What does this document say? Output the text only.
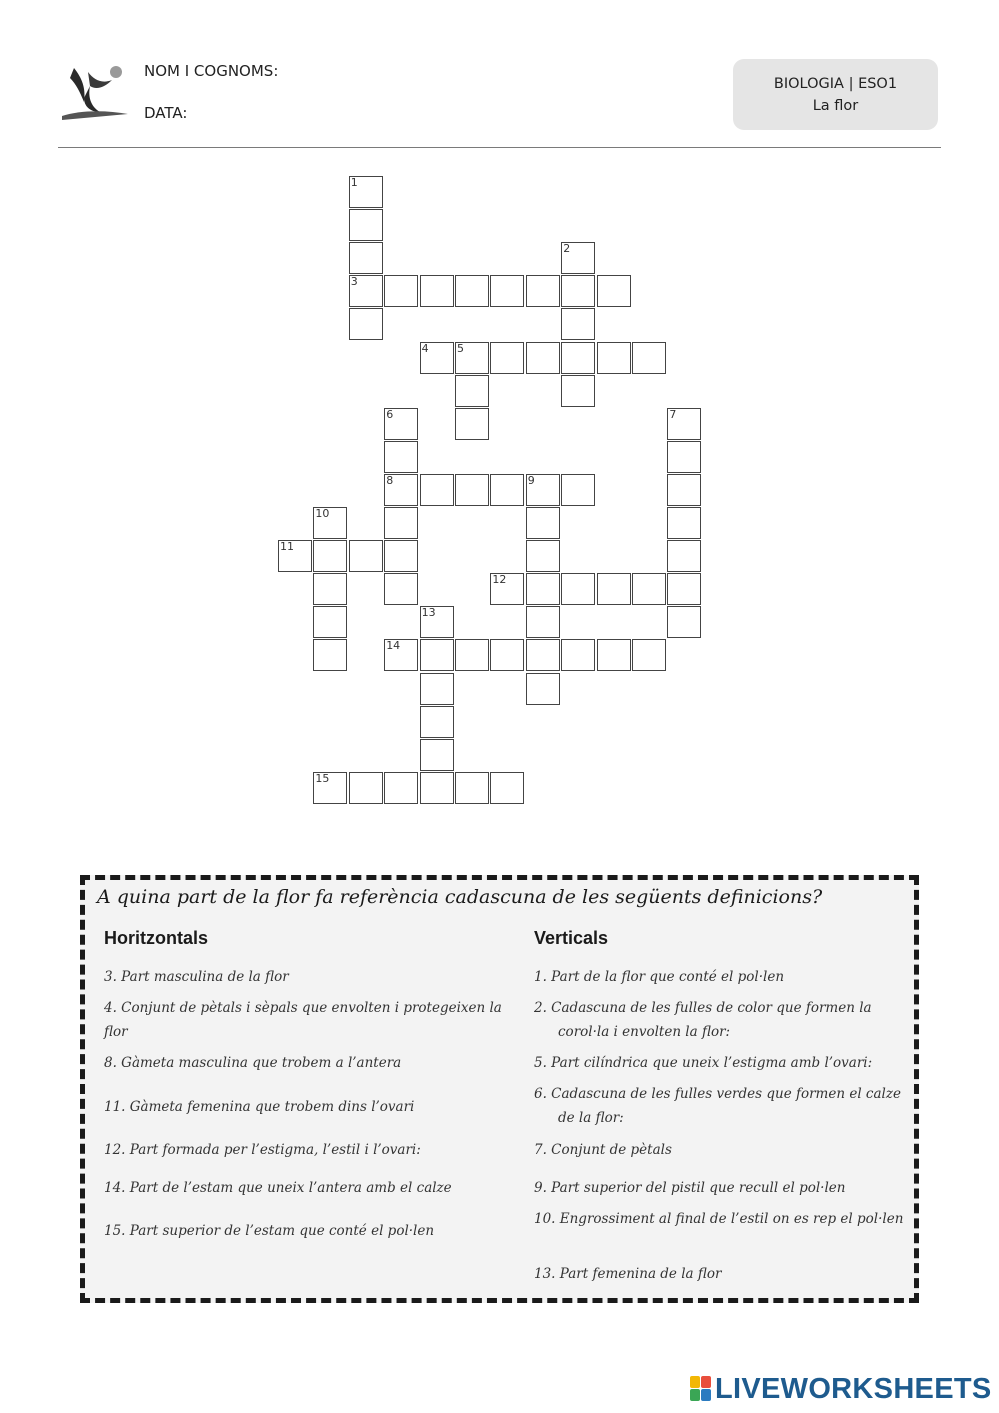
NOM I COGNOMS:
DATA:
BIOLOGIA | ESO1
La flor
1
3
2
4	5
6
8
7
9
10
11
12
13
15
14
A quina part de la flor fa referència cadascuna de les següents definicions?
Horitzontals	Verticals
3. Part masculina de la flor
4. Conjunt de pètals i sèpals que envolten i protegeixen la flor
8. Gàmeta masculina que trobem a l’antera
11. Gàmeta femenina que trobem dins l’ovari
12. Part formada per l’estigma, l’estil i l’ovari:
14. Part de l’estam que uneix l’antera amb el calze
15. Part superior de l’estam que conté el pol·len
1. Part de la flor que conté el pol·len
2. Cadascuna de les fulles de color que formen la corol·la i envolten la flor:
5. Part cilíndrica que uneix l’estigma amb l’ovari:
6. Cadascuna de les fulles verdes que formen el calze de la flor:
7. Conjunt de pètals
9. Part superior del pistil que recull el pol·len
10. Engrossiment al final de l’estil on es rep el pol·len
13. Part femenina de la flor
LIVEWORKSHEETS
